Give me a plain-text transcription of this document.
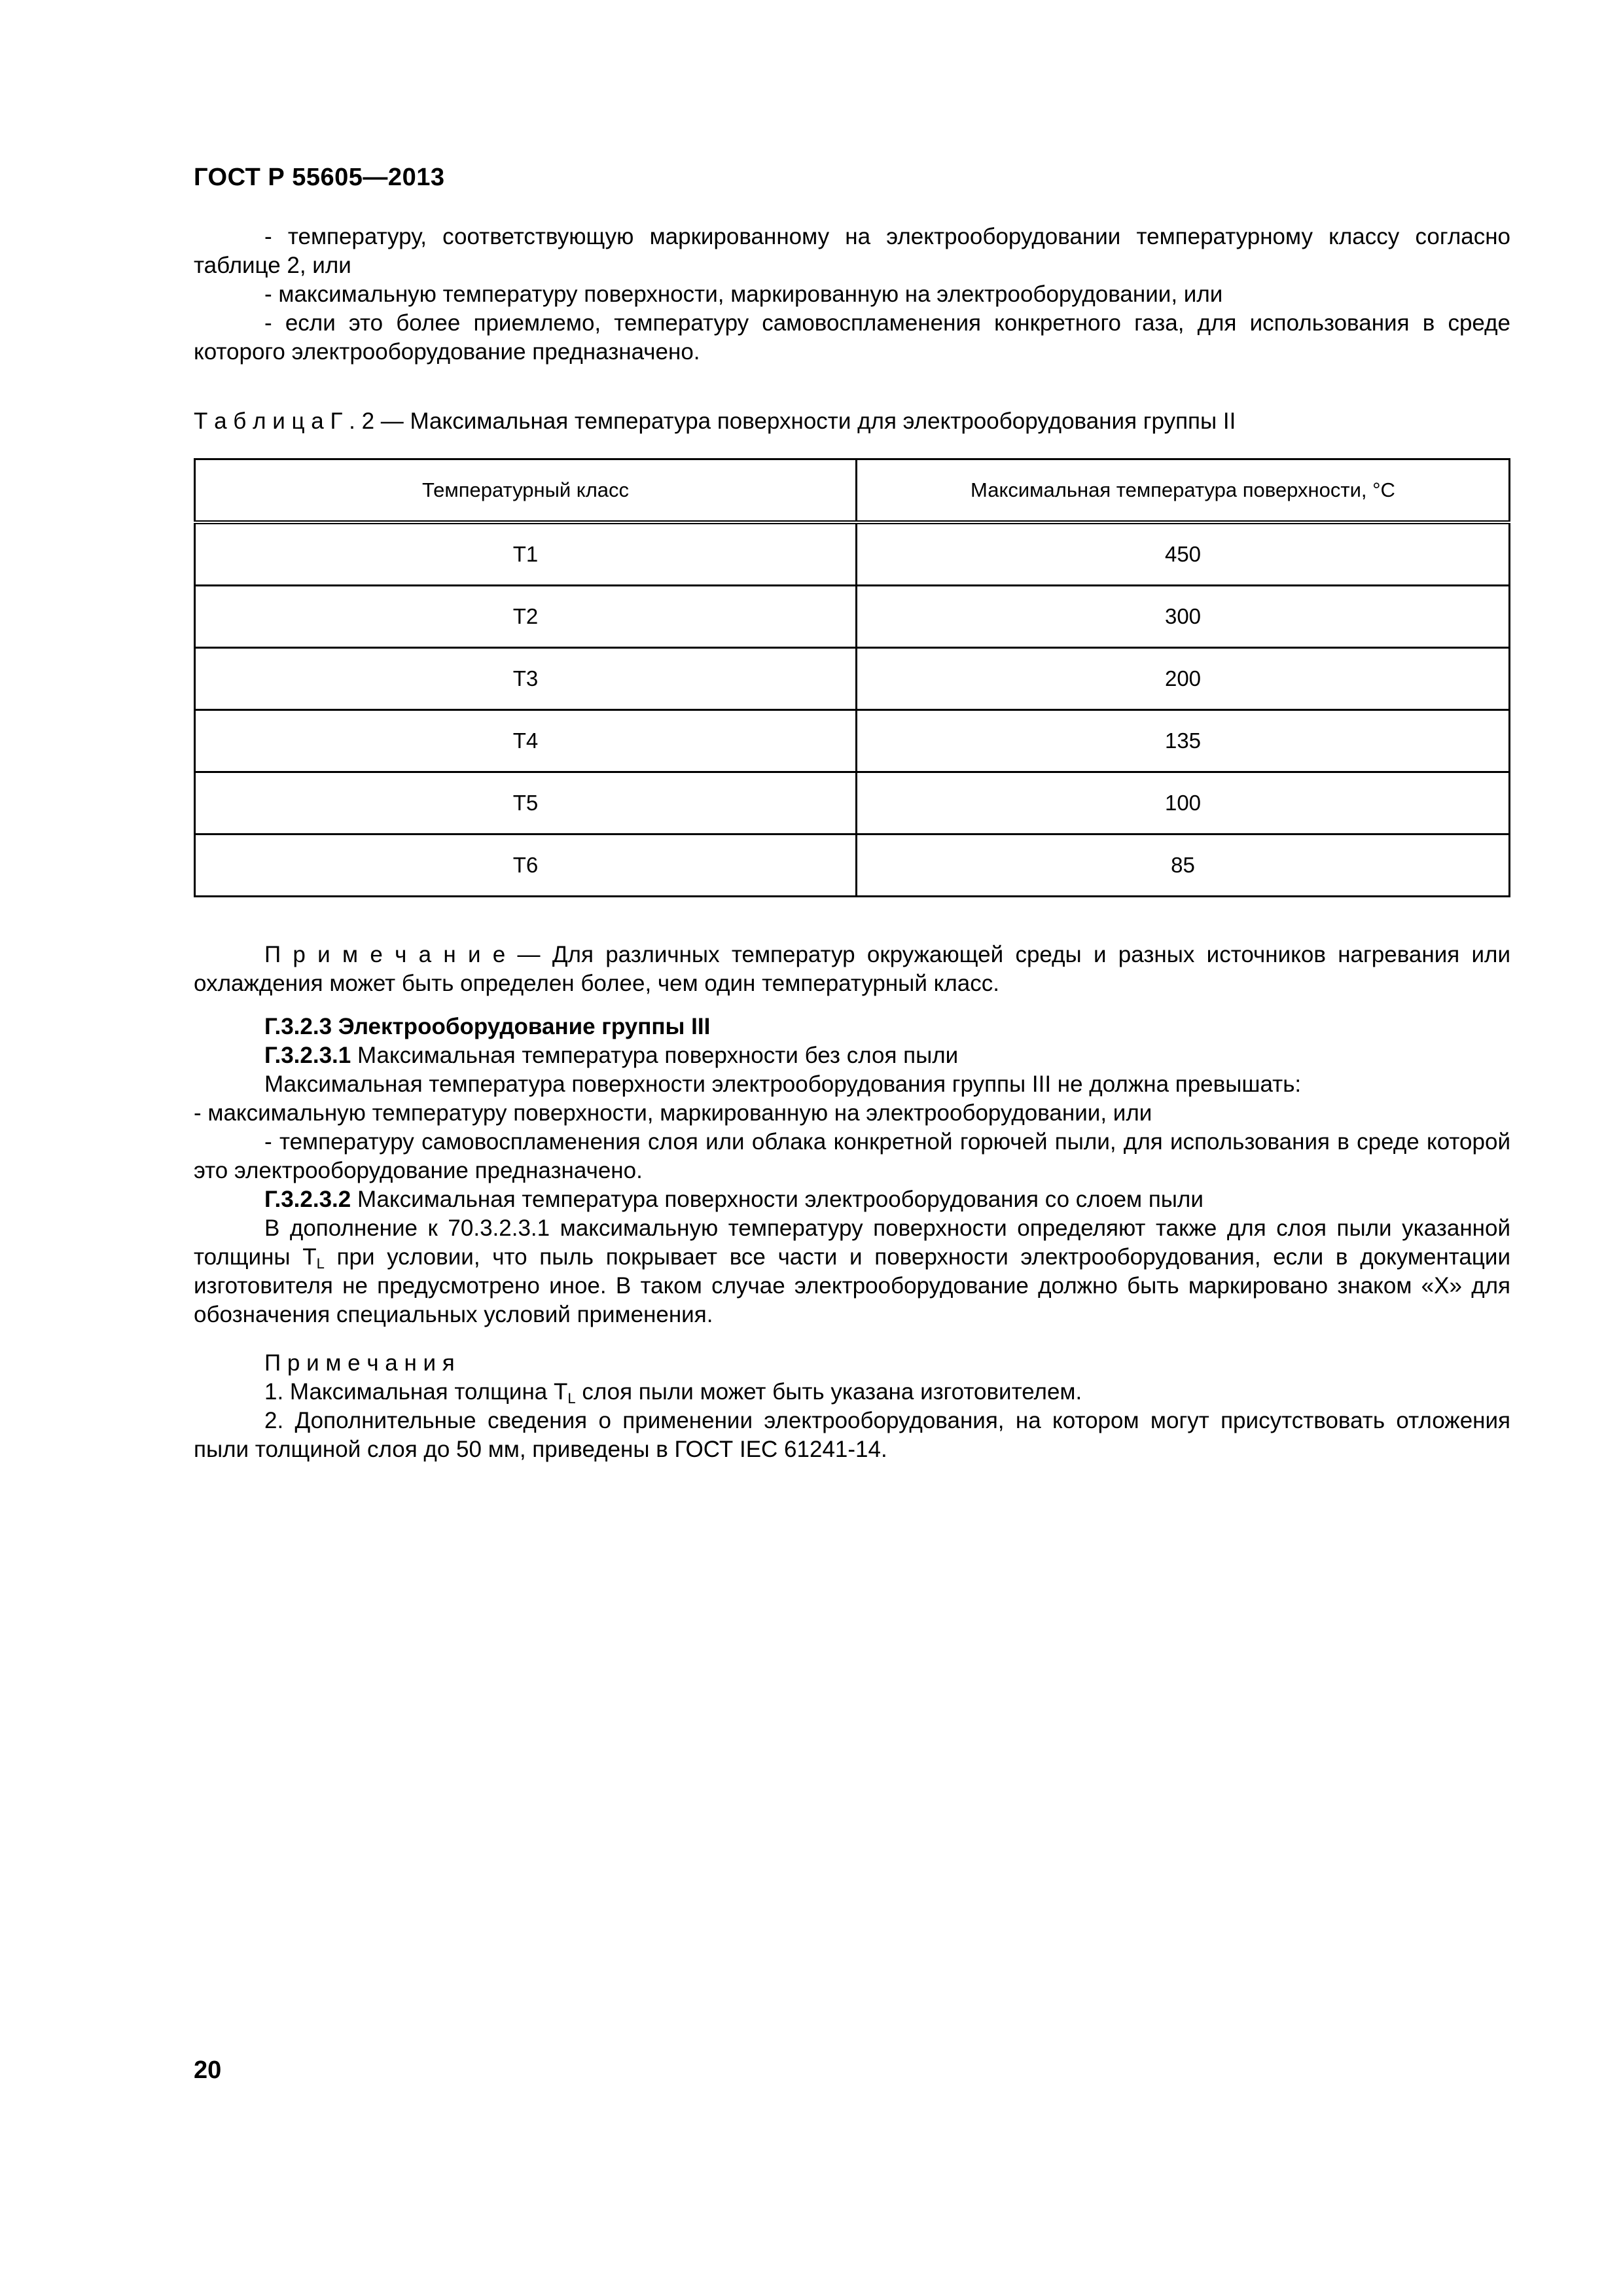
ГОСТ Р 55605—2013

- температуру, соответствующую маркированному на электрооборудовании температурному классу согласно таблице 2, или

- максимальную температуру поверхности, маркированную на электрооборудовании, или

- если это более приемлемо, температуру самовоспламенения конкретного газа, для использования в среде которого электрооборудование предназначено.

Т а б л и ц а Г . 2 — Максимальная температура поверхности для электрооборудования группы II

Температурный класс	Максимальная температура поверхности, °С
Т1	450
Т2	300
Т3	200
Т4	135
Т5	100
Т6	85

П р и м е ч а н и е — Для различных температур окружающей среды и разных источников нагревания или охлаждения может быть определен более, чем один температурный класс.

Г.3.2.3 Электрооборудование группы III

Г.3.2.3.1 Максимальная температура поверхности без слоя пыли

Максимальная температура поверхности электрооборудования группы III не должна превышать:

- максимальную температуру поверхности, маркированную на электрооборудовании, или

- температуру самовоспламенения слоя или облака конкретной горючей пыли, для использования в среде которой это электрооборудование предназначено.

Г.3.2.3.2 Максимальная температура поверхности электрооборудования со слоем пыли

В дополнение к 70.3.2.3.1 максимальную температуру поверхности определяют также для слоя пыли указанной толщины $T_L$ при условии, что пыль покрывает все части и поверхности электрооборудования, если в документации изготовителя не предусмотрено иное. В таком случае электрооборудование должно быть маркировано знаком «Х» для обозначения специальных условий применения.

П р и м е ч а н и я

1. Максимальная толщина $T_L$ слоя пыли может быть указана изготовителем.

2. Дополнительные сведения о применении электрооборудования, на котором могут присутствовать отложения пыли толщиной слоя до 50 мм, приведены в ГОСТ IEC 61241-14.

20
